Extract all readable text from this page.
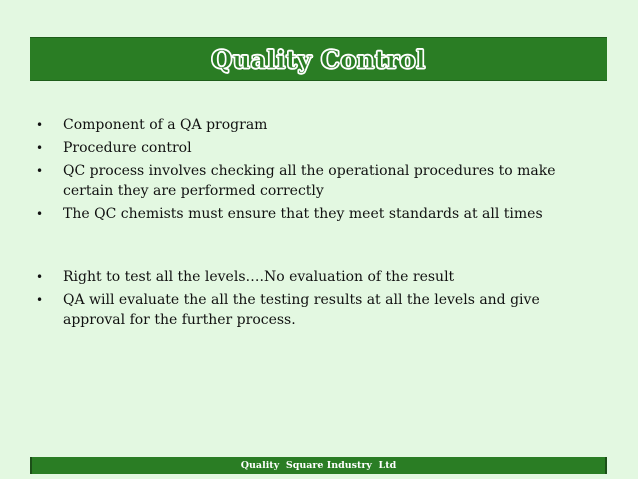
Quality Control
• Component of a QA program
• Procedure control
• QC process involves checking all the operational procedures to make certain they are performed correctly
• The QC chemists must ensure that they meet standards at all times
• Right to test all the levels….No evaluation of the result
• QA will evaluate the all the testing results at all the levels and give approval for the further process.
Quality  Square Industry  Ltd
